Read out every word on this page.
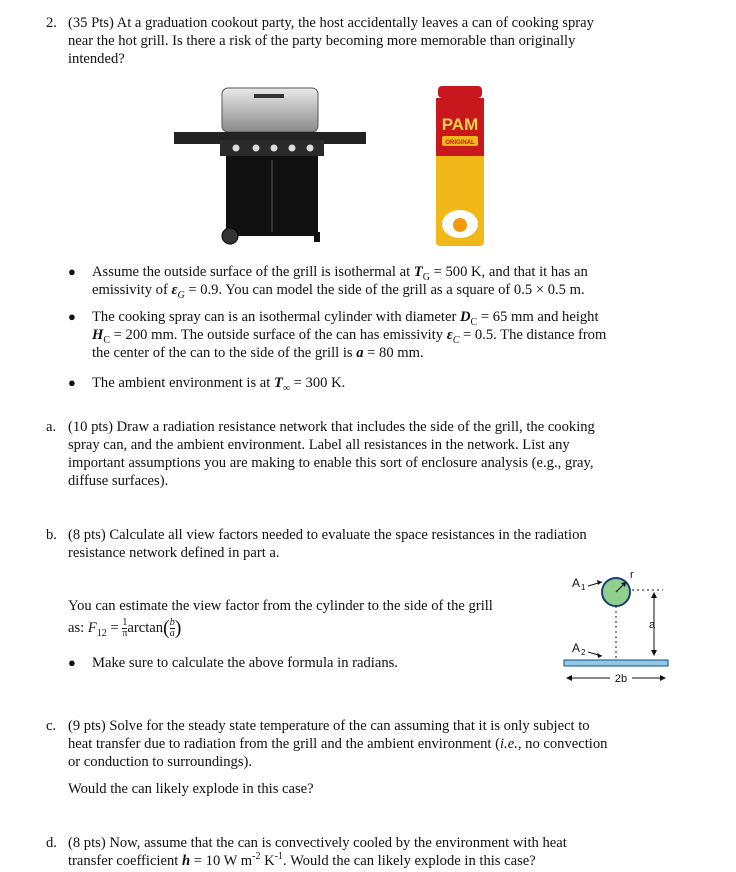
2. (35 Pts) At a graduation cookout party, the host accidentally leaves a can of cooking spray
near the hot grill. Is there a risk of the party becoming more memorable than originally
intended?
PAM
ORIGINAL
● Assume the outside surface of the grill is isothermal at $T_G = 500$ K, and that it has an
emissivity of $\varepsilon_G = 0.9$. You can model the side of the grill as a square of 0.5 × 0.5 m.
● The cooking spray can is an isothermal cylinder with diameter $D_C = 65$ mm and height
$H_C = 200$ mm. The outside surface of the can has emissivity $\varepsilon_C = 0.5$. The distance from
the center of the can to the side of the grill is a = 80 mm.
● The ambient environment is at $T_\infty = 300$ K.
a. (10 pts) Draw a radiation resistance network that includes the side of the grill, the cooking
spray can, and the ambient environment. Label all resistances in the network. List any
important assumptions you are making to enable this sort of enclosure analysis (e.g., gray,
diffuse surfaces).
b. (8 pts) Calculate all view factors needed to evaluate the space resistances in the radiation
resistance network defined in part a.
You can estimate the view factor from the cylinder to the side of the grill
as: $F_{12} = \frac{1}{\pi} \arctan( \frac{b}{a}$ )
● Make sure to calculate the above formula in radians.
A 1
r
a
A 2
2b
c. (9 pts) Solve for the steady state temperature of the can assuming that it is only subject to
heat transfer due to radiation from the grill and the ambient environment (i.e., no convection
or conduction to surroundings).
Would the can likely explode in this case?
d. (8 pts) Now, assume that the can is convectively cooled by the environment with heat
transfer coefficient h = 10 W $m^{-2}$ $K^{-1}$. Would the can likely explode in this case?
